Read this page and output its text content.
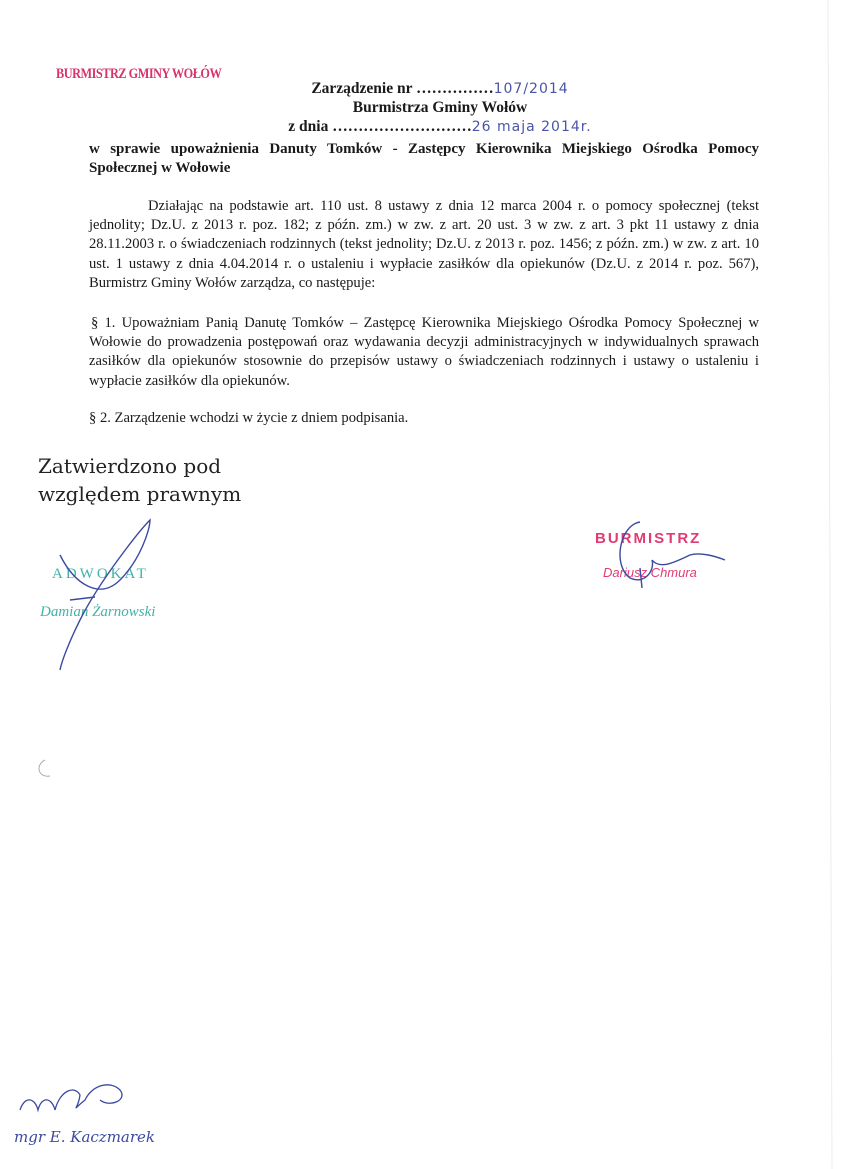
BURMISTRZ GMINY WOŁÓW
Zarządzenie nr ……………107/2014
Burmistrza Gminy Wołów
z dnia ………………………26 maja 2014r.
w sprawie upoważnienia Danuty Tomków - Zastępcy Kierownika Miejskiego Ośrodka Pomocy Społecznej w Wołowie
Działając na podstawie art. 110 ust. 8 ustawy z dnia 12 marca 2004 r. o pomocy społecznej (tekst jednolity; Dz.U. z 2013 r. poz. 182; z późn. zm.) w zw. z art. 20 ust. 3 w zw. z art. 3 pkt 11 ustawy z dnia 28.11.2003 r. o świadczeniach rodzinnych (tekst jednolity; Dz.U. z 2013 r. poz. 1456; z późn. zm.) w zw. z art. 10 ust. 1 ustawy z dnia 4.04.2014 r. o ustaleniu i wypłacie zasiłków dla opiekunów (Dz.U. z 2014 r. poz. 567), Burmistrz Gminy Wołów zarządza, co następuje:
§ 1. Upoważniam Panią Danutę Tomków – Zastępcę Kierownika Miejskiego Ośrodka Pomocy Społecznej w Wołowie do prowadzenia postępowań oraz wydawania decyzji administracyjnych w indywidualnych sprawach zasiłków dla opiekunów stosownie do przepisów ustawy o świadczeniach rodzinnych i ustawy o ustaleniu i wypłacie zasiłków dla opiekunów.
§ 2. Zarządzenie wchodzi w życie z dniem podpisania.
Zatwierdzono pod
względem prawnym
ADWOKAT
Damian Żarnowski
BURMISTRZ
Dariusz Chmura
mgr E. Kaczmarek
